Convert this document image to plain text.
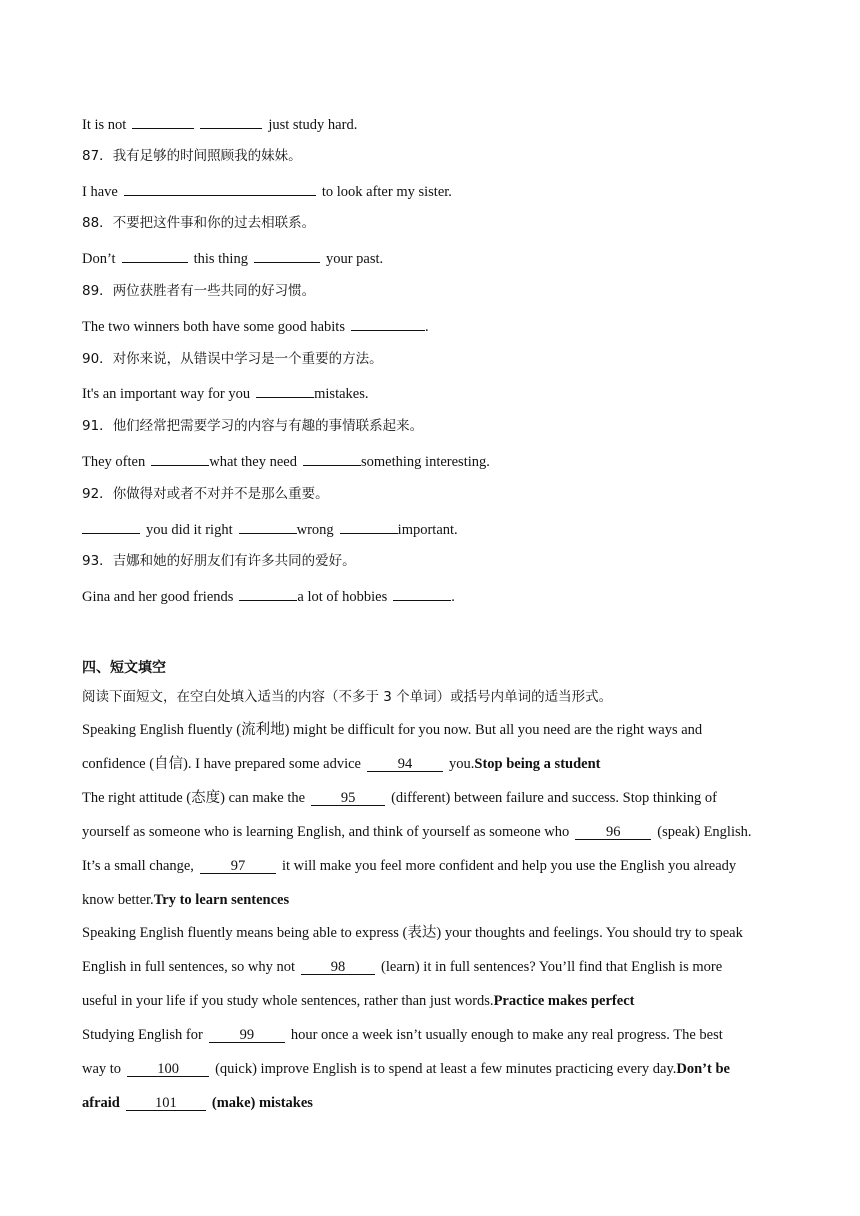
It is not	just study hard.
87．我有足够的时间照顾我的妹妹。
I have	to look after my sister.
88．不要把这件事和你的过去相联系。
Don’t	this thing	your past.
89．两位获胜者有一些共同的好习惯。
The two winners both have some good habits	.
90．对你来说，从错误中学习是一个重要的方法。
It's an important way for you	mistakes.
91．他们经常把需要学习的内容与有趣的事情联系起来。
They often	what they need	something interesting.
92．你做得对或者不对并不是那么重要。
you did it right	wrong	important.
93．吉娜和她的好朋友们有许多共同的爱好。
Gina and her good friends	a lot of hobbies	.
四、短文填空
阅读下面短文，在空白处填入适当的内容（不多于 3 个单词）或括号内单词的适当形式。
Speaking English fluently (流利地) might be difficult for you now. But all you need are the right ways and
confidence (自信). I have prepared some advice	94	you.Stop being a student
The right attitude (态度) can make the 95 (different) between failure and success. Stop thinking of
yourself as someone who is learning English, and think of yourself as someone who	96	(speak) English.
It’s a small change,	97	it will make you feel more confident and help you use the English you already
know better.Try to learn sentences
Speaking English fluently means being able to express (表达) your thoughts and feelings. You should try to speak
English in full sentences, so why not 98 (learn) it in full sentences? You’ll find that English is more
useful in your life if you study whole sentences, rather than just words.Practice makes perfect
Studying English for	99	hour once a week isn’t usually enough to make any real progress. The best
way to 100 (quick) improve English is to spend at least a few minutes practicing every day.Don’t be
afraid 101 (make) mistakes
